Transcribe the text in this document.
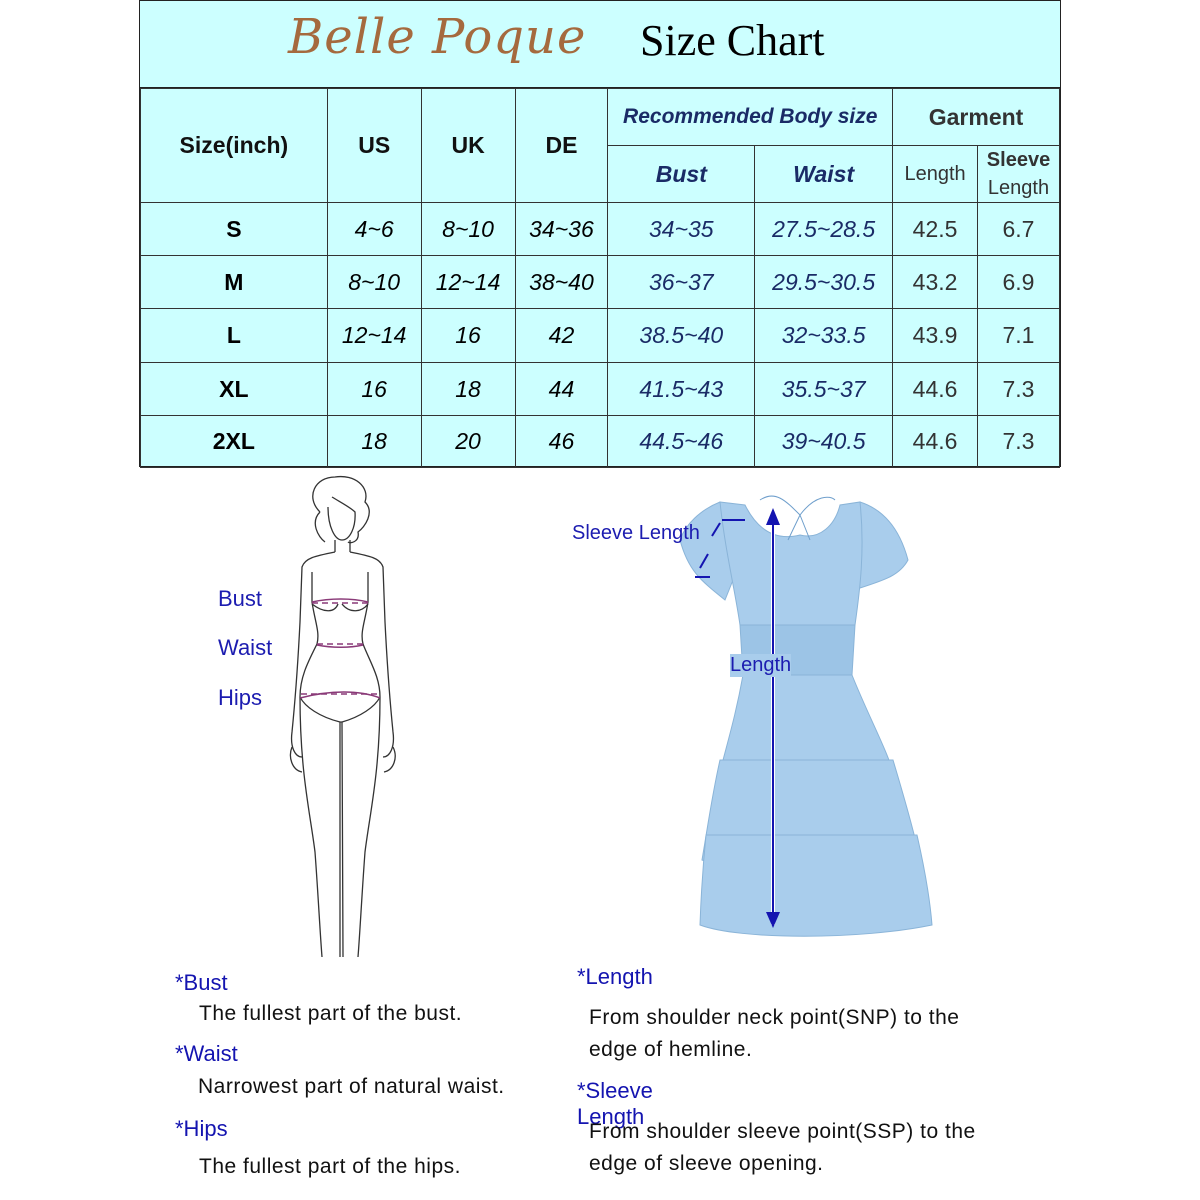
Belle Poque Size Chart
Size(inch)	US	UK	DE	Recommended Body size		Garment	
				Bust	Waist	Length	Sleeve
Length
S	4~6	8~10	34~36	34~35	27.5~28.5	42.5	6.7
M	8~10	12~14	38~40	36~37	29.5~30.5	43.2	6.9
L	12~14	16	42	38.5~40	32~33.5	43.9	7.1
XL	16	18	44	41.5~43	35.5~37	44.6	7.3
2XL	18	20	46	44.5~46	39~40.5	44.6	7.3
Bust
Waist
Hips
Sleeve Length
Length
*Bust
The fullest part of the bust.
*Waist
Narrowest part of natural waist.
*Hips
The fullest part of the hips.
*Length
From shoulder neck point(SNP) to the
edge of hemline.
*Sleeve Length
From shoulder sleeve point(SSP) to the
edge of sleeve opening.
